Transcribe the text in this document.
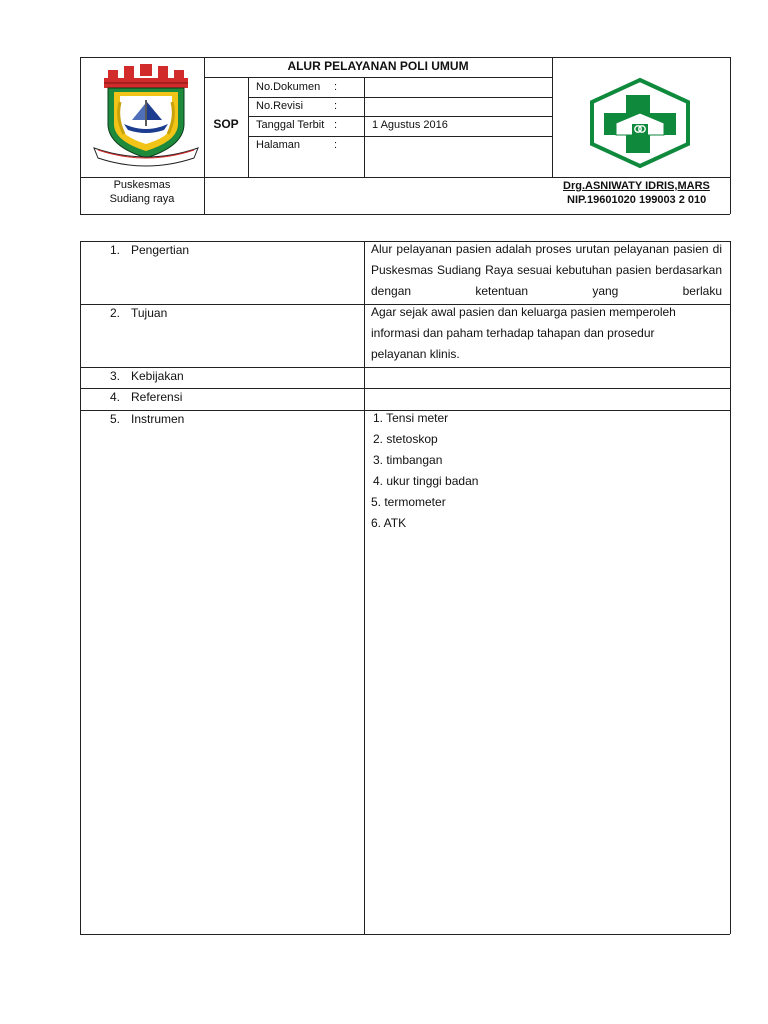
ALUR PELAYANAN POLI UMUM
SOP
No.Dokumen :
No.Revisi	:
Tanggal Terbit :	1 Agustus 2016
Halaman	:
Puskesmas
Sudiang raya
Drg.ASNIWATY IDRIS,MARS
NIP.19601020 199003 2 010
1. Pengertian	Alur pelayanan pasien adalah proses urutan pelayanan pasien di Puskesmas Sudiang Raya sesuai kebutuhan pasien berdasarkan dengan ketentuan yang berlaku
2. Tujuan	Agar sejak awal pasien dan keluarga pasien memperoleh informasi dan paham terhadap tahapan dan prosedur pelayanan klinis.
3. Kebijakan
4. Referensi
5. Instrumen	1. Tensi meter
2. stetoskop
3. timbangan
4. ukur tinggi badan
5. termometer
6. ATK
